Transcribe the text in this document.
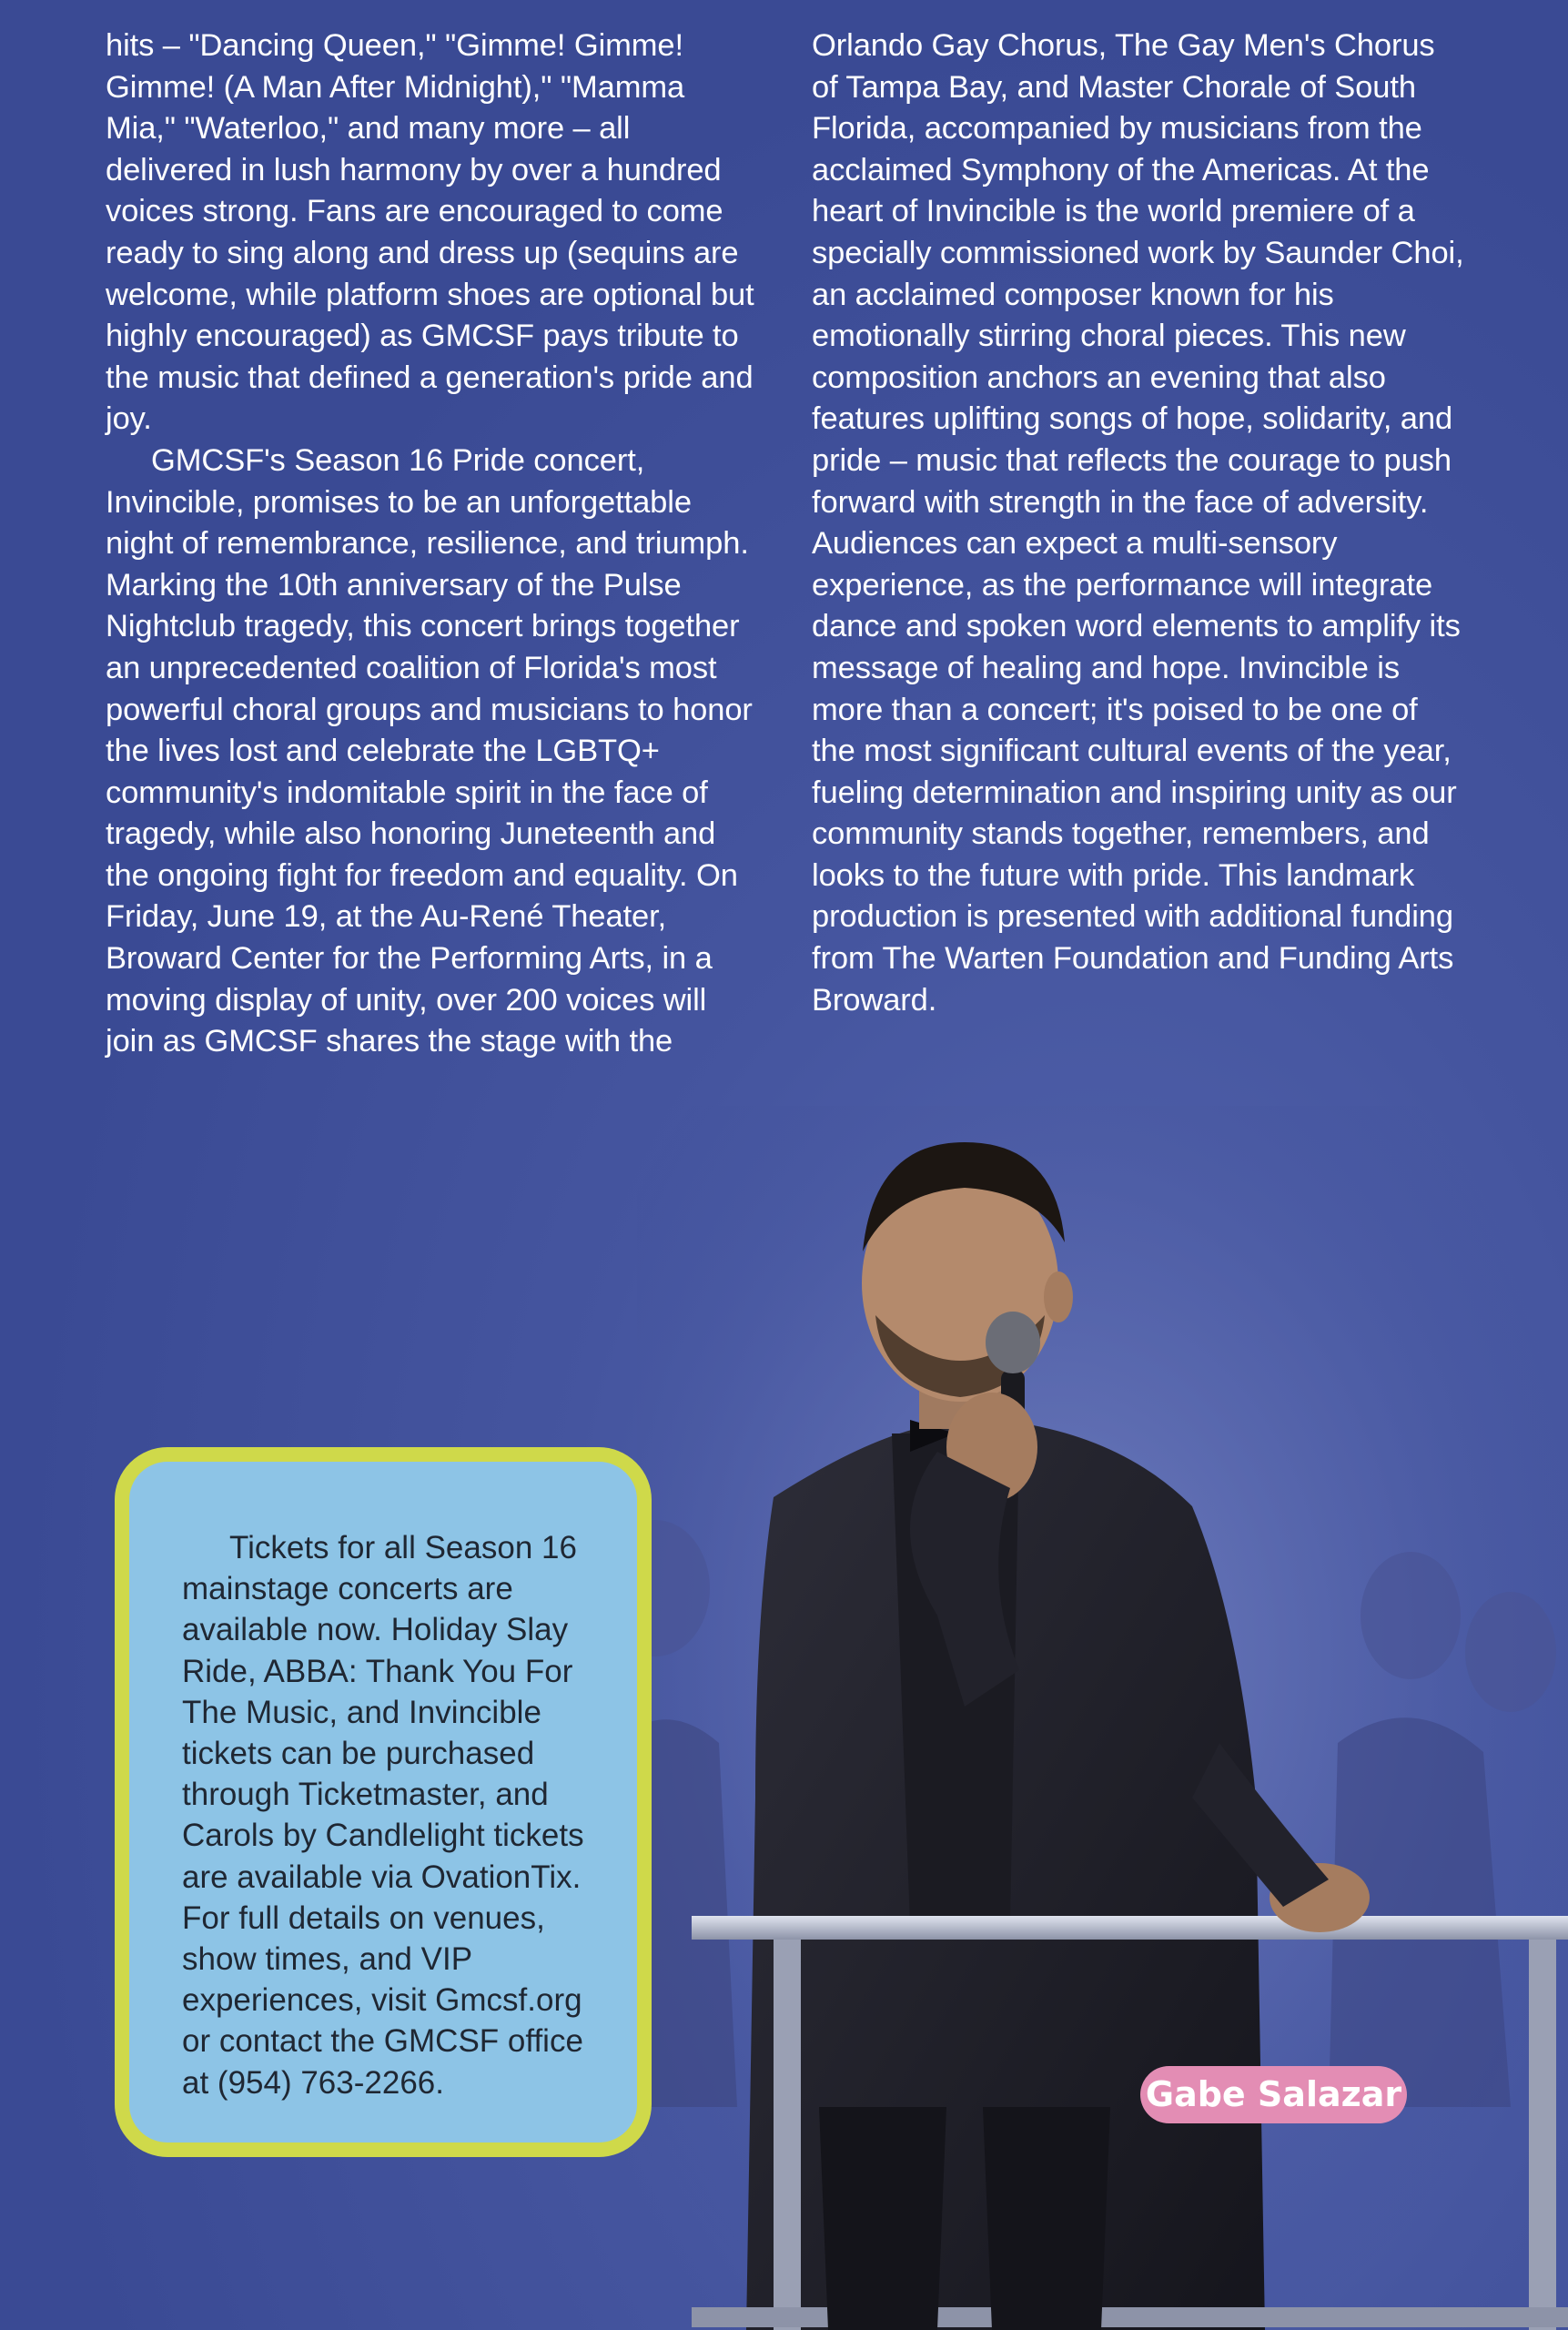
hits – "Dancing Queen," "Gimme! Gimme! Gimme! (A Man After Midnight)," "Mamma Mia," "Waterloo," and many more – all delivered in lush harmony by over a hundred voices strong. Fans are encouraged to come ready to sing along and dress up (sequins are welcome, while platform shoes are optional but highly encouraged) as GMCSF pays tribute to the music that defined a generation's pride and joy.

GMCSF's Season 16 Pride concert, Invincible, promises to be an unforgettable night of remembrance, resilience, and triumph. Marking the 10th anniversary of the Pulse Nightclub tragedy, this concert brings together an unprecedented coalition of Florida's most powerful choral groups and musicians to honor the lives lost and celebrate the LGBTQ+ community's indomitable spirit in the face of tragedy, while also honoring Juneteenth and the ongoing fight for freedom and equality. On Friday, June 19, at the Au-René Theater, Broward Center for the Performing Arts, in a moving display of unity, over 200 voices will join as GMCSF shares the stage with the

Orlando Gay Chorus, The Gay Men's Chorus of Tampa Bay, and Master Chorale of South Florida, accompanied by musicians from the acclaimed Symphony of the Americas. At the heart of Invincible is the world premiere of a specially commissioned work by Saunder Choi, an acclaimed composer known for his emotionally stirring choral pieces. This new composition anchors an evening that also features uplifting songs of hope, solidarity, and pride – music that reflects the courage to push forward with strength in the face of adversity. Audiences can expect a multi-sensory experience, as the performance will integrate dance and spoken word elements to amplify its message of healing and hope. Invincible is more than a concert; it's poised to be one of the most significant cultural events of the year, fueling determination and inspiring unity as our community stands together, remembers, and looks to the future with pride. This landmark production is presented with additional funding from The Warten Foundation and Funding Arts Broward.

Tickets for all Season 16 mainstage concerts are available now. Holiday Slay Ride, ABBA: Thank You For The Music, and Invincible tickets can be purchased through Ticketmaster, and Carols by Candlelight tickets are available via OvationTix. For full details on venues, show times, and VIP experiences, visit Gmcsf.org or contact the GMCSF office at (954) 763-2266.	Gabe Salazar
